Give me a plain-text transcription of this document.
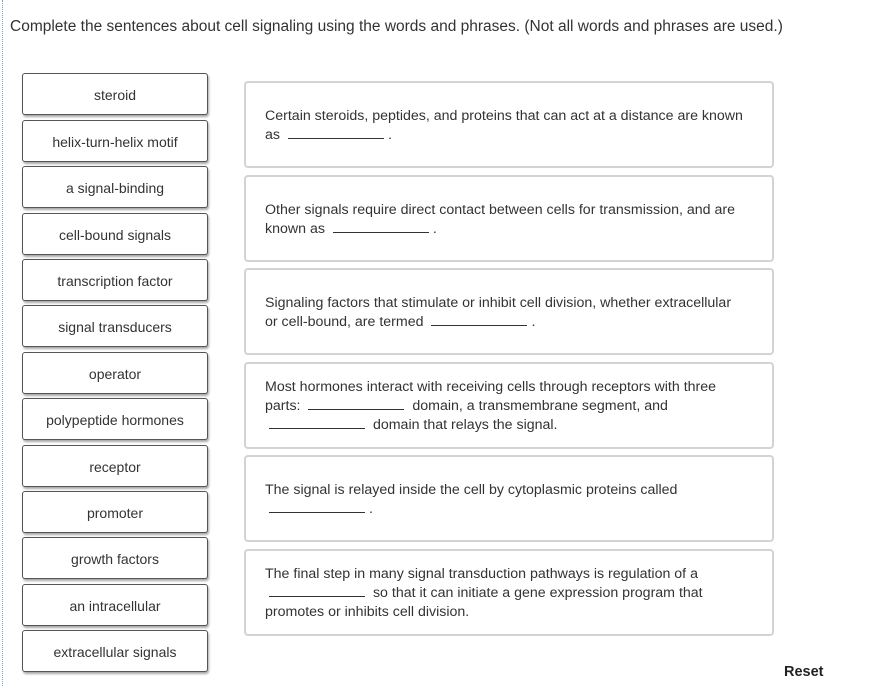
Complete the sentences about cell signaling using the words and phrases. (Not all words and phrases are used.)
steroid
helix-turn-helix motif
a signal-binding
cell-bound signals
transcription factor
signal transducers
operator
polypeptide hormones
receptor
promoter
growth factors
an intracellular
extracellular signals
Certain steroids, peptides, and proteins that can act at a distance are known as	.
Other signals require direct contact between cells for transmission, and are known as	.
Signaling factors that stimulate or inhibit cell division, whether extracellular or cell-bound, are termed	.
Most hormones interact with receiving cells through receptors with three parts:	domain, a transmembrane segment, and  domain that relays the signal.
The signal is relayed inside the cell by cytoplasmic proteins called .
The final step in many signal transduction pathways is regulation of a  so that it can initiate a gene expression program that promotes or inhibits cell division.
Reset
